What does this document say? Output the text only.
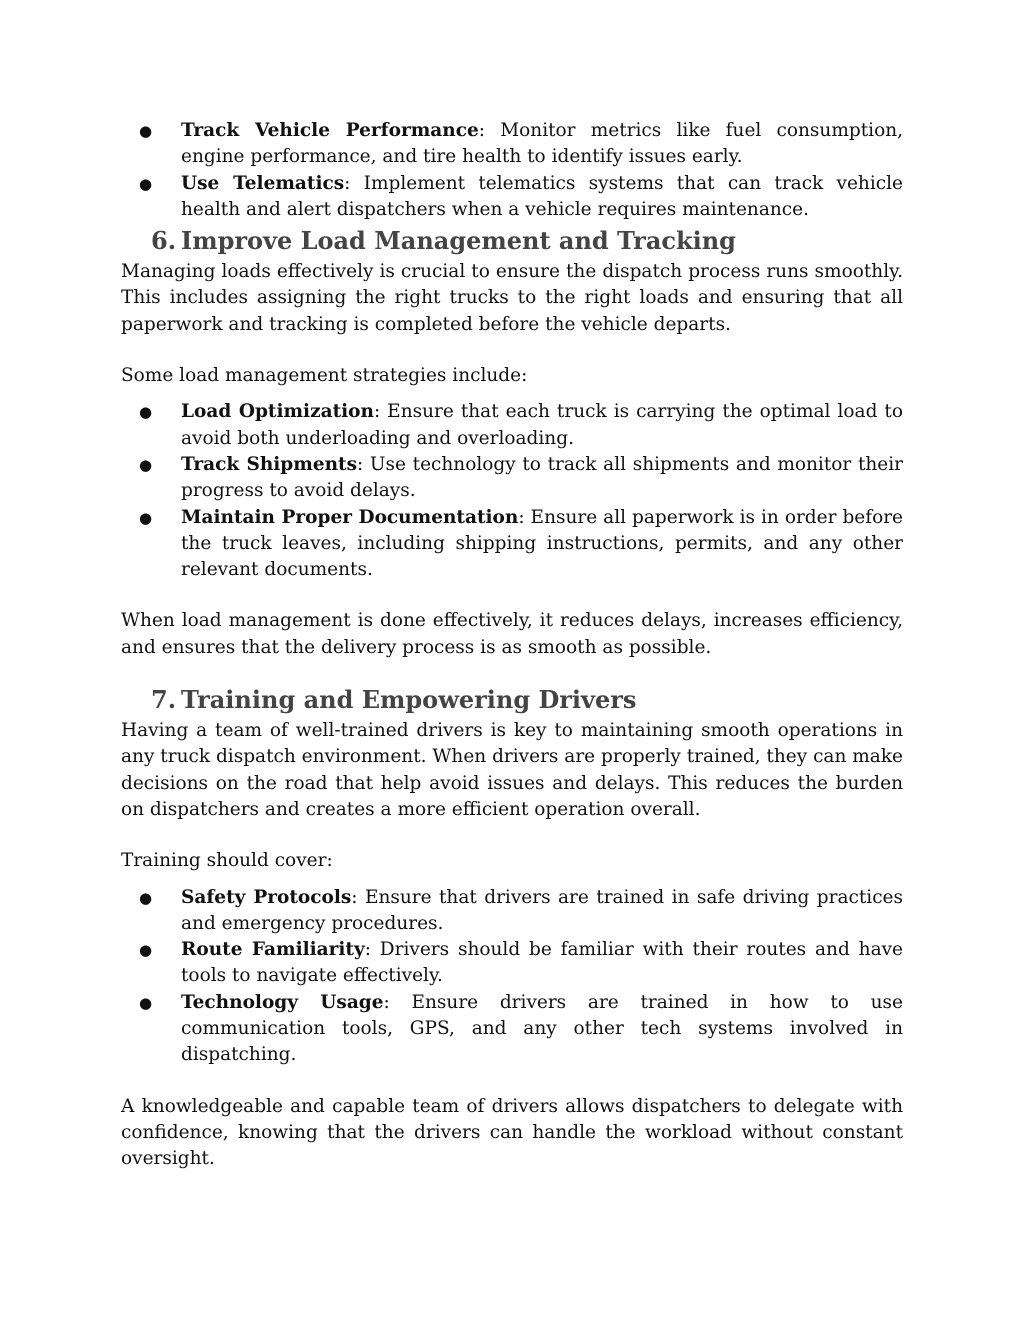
● Track Vehicle Performance: Monitor metrics like fuel consumption, engine performance, and tire health to identify issues early.
● Use Telematics: Implement telematics systems that can track vehicle health and alert dispatchers when a vehicle requires maintenance.
6. Improve Load Management and Tracking

Managing loads effectively is crucial to ensure the dispatch process runs smoothly. This includes assigning the right trucks to the right loads and ensuring that all paperwork and tracking is completed before the vehicle departs.

Some load management strategies include:

● Load Optimization: Ensure that each truck is carrying the optimal load to avoid both underloading and overloading.
● Track Shipments: Use technology to track all shipments and monitor their progress to avoid delays.
● Maintain Proper Documentation: Ensure all paperwork is in order before the truck leaves, including shipping instructions, permits, and any other relevant documents.

When load management is done effectively, it reduces delays, increases efficiency, and ensures that the delivery process is as smooth as possible.

7. Training and Empowering Drivers

Having a team of well-trained drivers is key to maintaining smooth operations in any truck dispatch environment. When drivers are properly trained, they can make decisions on the road that help avoid issues and delays. This reduces the burden on dispatchers and creates a more efficient operation overall.

Training should cover:

● Safety Protocols: Ensure that drivers are trained in safe driving practices and emergency procedures.
● Route Familiarity: Drivers should be familiar with their routes and have tools to navigate effectively.
● Technology Usage: Ensure drivers are trained in how to use communication tools, GPS, and any other tech systems involved in dispatching.

A knowledgeable and capable team of drivers allows dispatchers to delegate with confidence, knowing that the drivers can handle the workload without constant oversight.
